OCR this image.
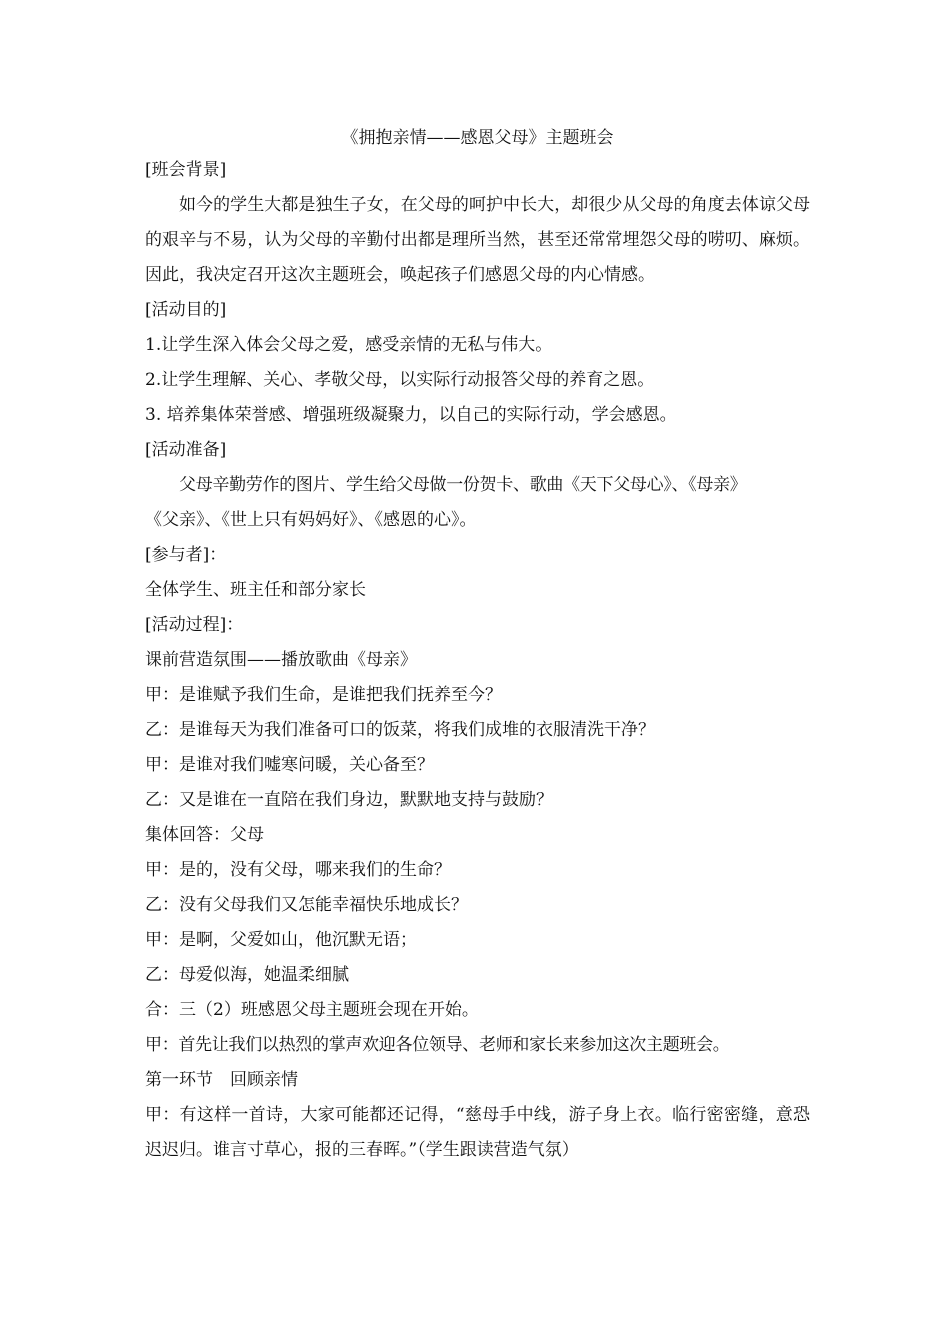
《拥抱亲情——感恩父母》主题班会
[班会背景]
如今的学生大都是独生子女，在父母的呵护中长大，却很少从父母的角度去体谅父母的艰辛与不易，认为父母的辛勤付出都是理所当然，甚至还常常埋怨父母的唠叨、麻烦。因此，我决定召开这次主题班会，唤起孩子们感恩父母的内心情感。
[活动目的]
1.让学生深入体会父母之爱，感受亲情的无私与伟大。
2.让学生理解、关心、孝敬父母，以实际行动报答父母的养育之恩。
3. 培养集体荣誉感、增强班级凝聚力，以自己的实际行动，学会感恩。
[活动准备]
父母辛勤劳作的图片、学生给父母做一份贺卡、歌曲《天下父母心》、《母亲》
《父亲》、《世上只有妈妈好》、《感恩的心》。
[参与者]：
全体学生、班主任和部分家长
[活动过程]：
课前营造氛围——播放歌曲《母亲》
甲：是谁赋予我们生命，是谁把我们抚养至今？
乙：是谁每天为我们准备可口的饭菜，将我们成堆的衣服清洗干净？
甲：是谁对我们嘘寒问暖，关心备至？
乙：又是谁在一直陪在我们身边，默默地支持与鼓励？
集体回答：父母
甲：是的，没有父母，哪来我们的生命？
乙：没有父母我们又怎能幸福快乐地成长？
甲：是啊，父爱如山，他沉默无语；
乙：母爱似海，她温柔细腻
合：三（2）班感恩父母主题班会现在开始。
甲：首先让我们以热烈的掌声欢迎各位领导、老师和家长来参加这次主题班会。
第一环节　回顾亲情
甲：有这样一首诗，大家可能都还记得，“慈母手中线，游子身上衣。临行密密缝，意恐迟迟归。谁言寸草心，报的三春晖。”（学生跟读营造气氛）
